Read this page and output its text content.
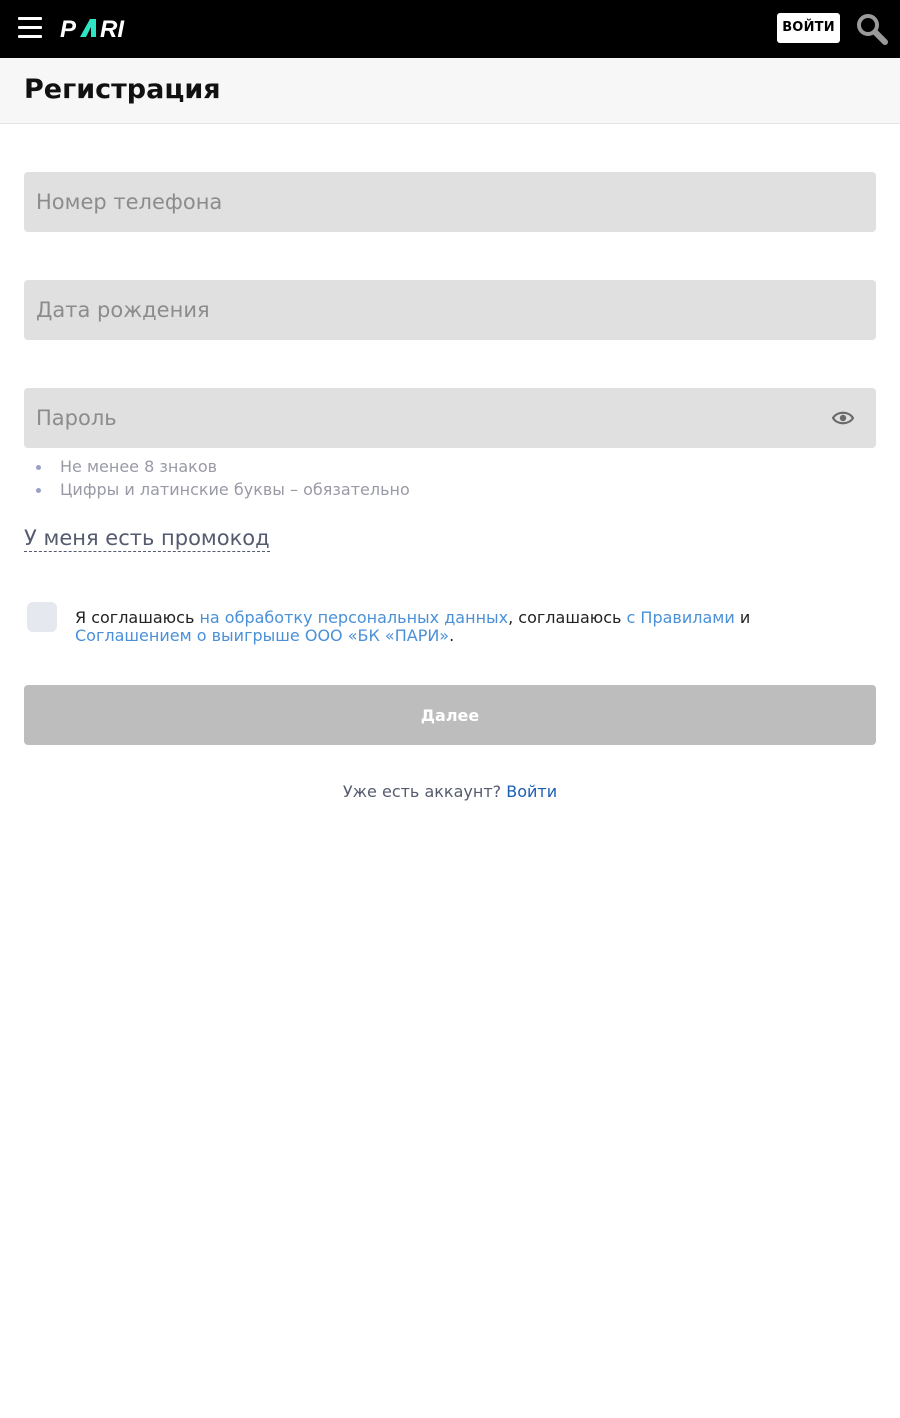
P RI	ВОЙТИ
Регистрация
Номер телефона
Дата рождения
Не менее 8 знаков
Цифры и латинские буквы – обязательно
У меня есть промокод

Я соглашаюсь на обработку персональных данных, соглашаюсь с Правилами и Соглашением о выигрыше ООО «БК «ПАРИ».

Далее

Уже есть аккаунт? Войти
